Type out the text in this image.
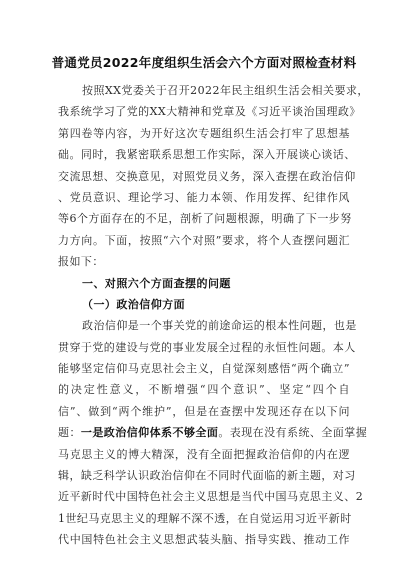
普通党员2022年度组织生活会六个方面对照检查材料
按照XX党委关于召开2022年民主组织生活会相关要求，
我系统学习了党的XX大精神和党章及《习近平谈治国理政》
第四卷等内容，为开好这次专题组织生活会打牢了思想基
础。同时，我紧密联系思想工作实际，深入开展谈心谈话、
交流思想、交换意见，对照党员义务，深入查摆在政治信仰
、党员意识、理论学习、能力本领、作用发挥、纪律作风
等6个方面存在的不足，剖析了问题根源，明确了下一步努
力方向。下面，按照“六个对照”要求，将个人查摆问题汇
报如下：
一、对照六个方面查摆的问题
（一）政治信仰方面
政治信仰是一个事关党的前途命运的根本性问题，也是
贯穿于党的建设与党的事业发展全过程的永恒性问题。本人
能够坚定信仰马克思社会主义，自觉深刻感悟“两个确立”
的决定性意义，不断增强“四个意识”、坚定“四个自
信”、做到“两个维护”，但是在查摆中发现还存在以下问
题：一是政治信仰体系不够全面。表现在没有系统、全面掌握
马克思主义的博大精深，没有全面把握政治信仰的内在逻
辑，缺乏科学认识政治信仰在不同时代面临的新主题，对习
近平新时代中国特色社会主义思想是当代中国马克思主义、2
1世纪马克思主义的理解不深不透，在自觉运用习近平新时
代中国特色社会主义思想武装头脑、指导实践、推动工作
